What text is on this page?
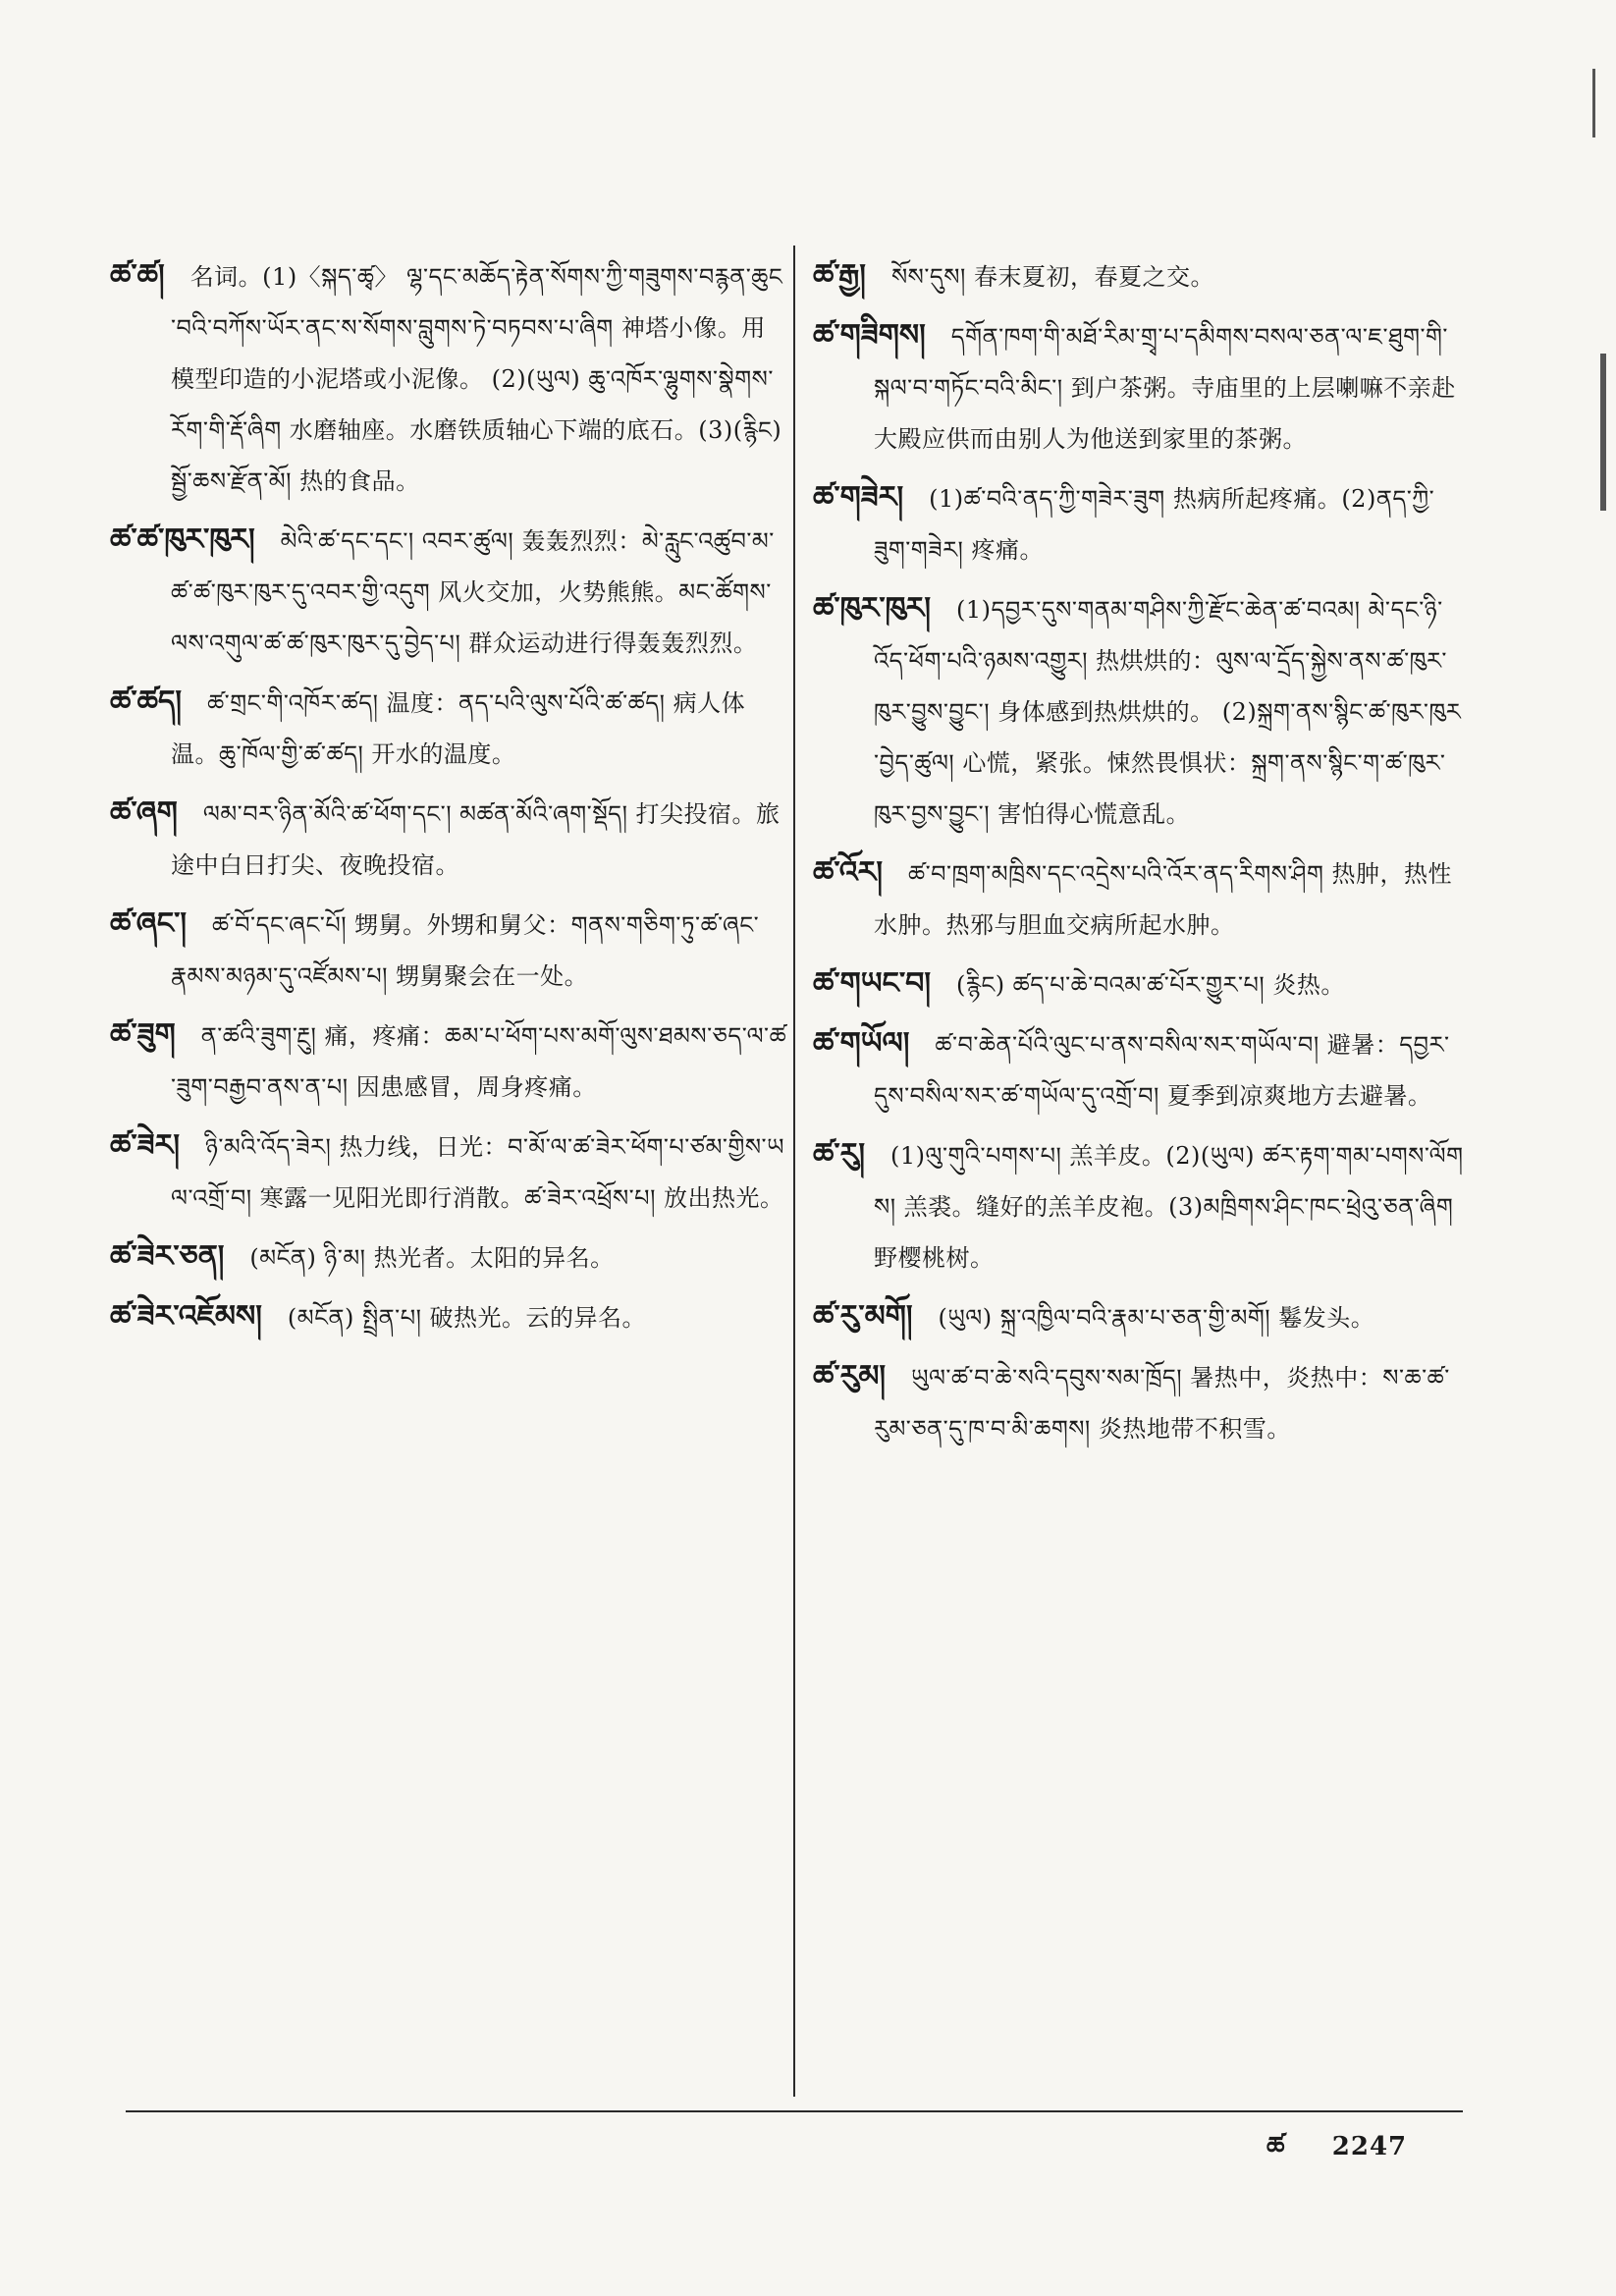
ཚ་ཚ། 名词。(1)〈སྐད་ཚྭ〉 ལྷ་དང་མཆོད་རྟེན་སོགས་ཀྱི་གཟུགས་བརྙན་ཆུང་བའི་བཀོས་ཡོར་ནང་ས་སོགས་བླུགས་ཏེ་བཏབས་པ་ཞིག 神塔小像。用模型印造的小泥塔或小泥像。 (2)(ཡུལ) ཆུ་འཁོར་ལྷུགས་སྣེགས་རོག་གི་རྡོ་ཞིག 水磨轴座。水磨铁质轴心下端的底石。(3)(རྙིང) སྦྱོ་ཆས་རྫོན་མོ། 热的食品。
ཚ་ཚ་ཁུར་ཁུར། མེའི་ཚ་དང་དང་། འབར་ཚུལ། 轰轰烈烈：མེ་རླུང་འཚུབ་མ་ཚ་ཚ་ཁུར་ཁུར་དུ་འབར་གྱི་འདུག 风火交加，火势熊熊。མང་ཚོགས་ལས་འགུལ་ཚ་ཚ་ཁུར་ཁུར་དུ་བྱེད་པ། 群众运动进行得轰轰烈烈。
ཚ་ཚད། ཚ་གྲང་གི་འཁོར་ཚད། 温度：ནད་པའི་ལུས་པོའི་ཚ་ཚད། 病人体温。ཆུ་ཁོལ་གྱི་ཚ་ཚད། 开水的温度。
ཚ་ཞག ལམ་བར་ཉིན་མོའི་ཚ་ཕོག་དང་། མཚན་མོའི་ཞག་སྡོད། 打尖投宿。旅途中白日打尖、夜晚投宿。
ཚ་ཞང་། ཚ་བོ་དང་ཞང་པོ། 甥舅。外甥和舅父：གནས་གཅིག་ཏུ་ཚ་ཞང་རྣམས་མཉམ་དུ་འཛོམས་པ། 甥舅聚会在一处。
ཚ་ཟུག ན་ཚའི་ཟུག་རྔུ། 痛，疼痛：ཆམ་པ་ཕོག་པས་མགོ་ལུས་ཐམས་ཅད་ལ་ཚ་ཟུག་བརྒྱབ་ནས་ན་པ། 因患感冒，周身疼痛。
ཚ་ཟེར། ཉི་མའི་འོད་ཟེར། 热力线，日光：བ་མོ་ལ་ཚ་ཟེར་ཕོག་པ་ཙམ་གྱིས་ཡལ་འགྲོ་བ། 寒露一见阳光即行消散。ཚ་ཟེར་འཕྲོས་པ། 放出热光。
ཚ་ཟེར་ཅན། (མངོན) ཉི་མ། 热光者。太阳的异名。
ཚ་ཟེར་འཇོམས། (མངོན) སྤྲིན་པ། 破热光。云的异名。
ཚ་རྒྱ། སོས་དུས། 春末夏初，春夏之交。
ཚ་གཟིགས། དགོན་ཁག་གི་མཐོ་རིམ་གྲྭ་པ་དམིགས་བསལ་ཅན་ལ་ཇ་ཐུག་གི་སྐལ་བ་གཏོང་བའི་མིང་། 到户茶粥。寺庙里的上层喇嘛不亲赴大殿应供而由别人为他送到家里的茶粥。
ཚ་གཟེར། (1)ཚ་བའི་ནད་ཀྱི་གཟེར་ཟུག 热病所起疼痛。(2)ནད་ཀྱི་ཟུག་གཟེར། 疼痛。
ཚ་ཁུར་ཁུར། (1)དབྱར་དུས་གནམ་གཤིས་ཀྱི་རྫོང་ཆེན་ཚ་བའམ། མེ་དང་ཉི་འོད་ཕོག་པའི་ཉམས་འགྱུར། 热烘烘的：ལུས་ལ་དྲོད་སྐྱེས་ནས་ཚ་ཁུར་ཁུར་བྱུས་བྱུང་། 身体感到热烘烘的。 (2)སྐྲག་ནས་སྙིང་ཚ་ཁུར་ཁུར་བྱེད་ཚུལ། 心慌，紧张。悚然畏惧状：སྐྲག་ནས་སྙིང་ག་ཚ་ཁུར་ཁུར་བྱས་བྱུང་། 害怕得心慌意乱。
ཚ་འོར། ཚ་བ་ཁྲག་མཁྲིས་དང་འདྲེས་པའི་འོར་ནད་རིགས་ཤིག 热肿，热性水肿。热邪与胆血交病所起水肿。
ཚ་གཡང་བ། (རྙིང) ཚད་པ་ཆེ་བའམ་ཚ་པོར་གྱུར་པ། 炎热。
ཚ་གཡོལ། ཚ་བ་ཆེན་པོའི་ལུང་པ་ནས་བསིལ་སར་གཡོལ་བ། 避暑：དབྱར་དུས་བསིལ་སར་ཚ་གཡོལ་དུ་འགྲོ་བ། 夏季到凉爽地方去避暑。
ཚ་རུ། (1)ལུ་གུའི་པགས་པ། 羔羊皮。(2)(ཡུལ) ཚར་རྟག་གམ་པགས་ལོགས། 羔裘。缝好的羔羊皮袍。(3)མཁྲིགས་ཤིང་ཁང་ཕྲེའུ་ཅན་ཞིག 野樱桃树。
ཚ་རུ་མགོ། (ཡུལ) སྐྲ་འཁྱིལ་བའི་རྣམ་པ་ཅན་གྱི་མགོ། 鬈发头。
ཚ་རུམ། ཡུལ་ཚ་བ་ཆེ་སའི་དབུས་སམ་ཁྲོད། 暑热中，炎热中：ས་ཆ་ཚ་རུམ་ཅན་དུ་ཁ་བ་མི་ཆགས། 炎热地带不积雪。
ཚ 2247
